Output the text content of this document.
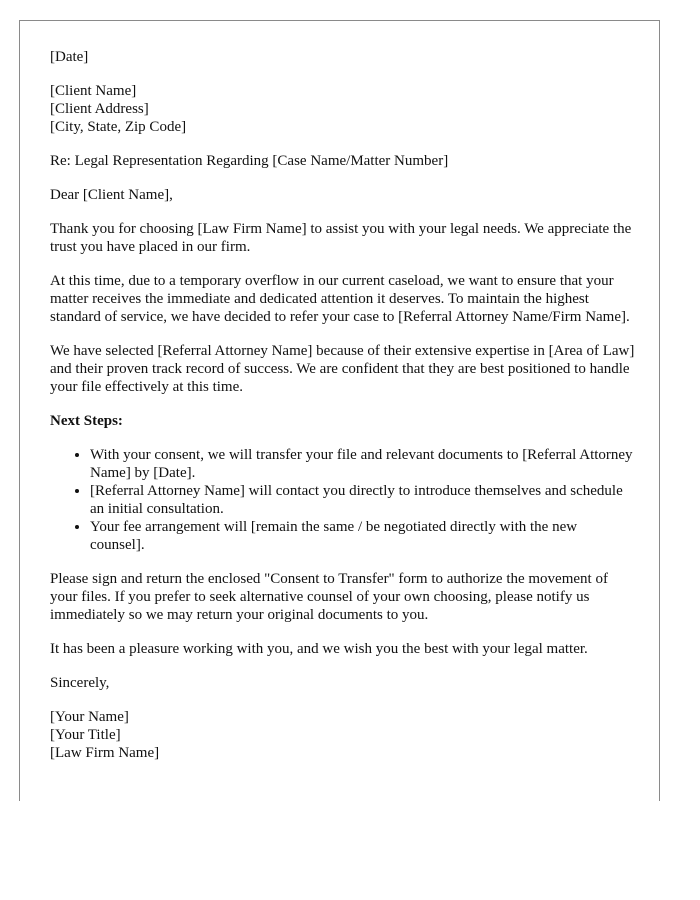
[Date]

[Client Name]
[Client Address]
[City, State, Zip Code]

Re: Legal Representation Regarding [Case Name/Matter Number]

Dear [Client Name],

Thank you for choosing [Law Firm Name] to assist you with your legal needs. We appreciate the trust you have placed in our firm.

At this time, due to a temporary overflow in our current caseload, we want to ensure that your matter receives the immediate and dedicated attention it deserves. To maintain the highest standard of service, we have decided to refer your case to [Referral Attorney Name/Firm Name].

We have selected [Referral Attorney Name] because of their extensive expertise in [Area of Law] and their proven track record of success. We are confident that they are best positioned to handle your file effectively at this time.

Next Steps:
• With your consent, we will transfer your file and relevant documents to [Referral Attorney Name] by [Date].
• [Referral Attorney Name] will contact you directly to introduce themselves and schedule an initial consultation.
• Your fee arrangement will [remain the same / be negotiated directly with the new counsel].

Please sign and return the enclosed "Consent to Transfer" form to authorize the movement of your files. If you prefer to seek alternative counsel of your own choosing, please notify us immediately so we may return your original documents to you.

It has been a pleasure working with you, and we wish you the best with your legal matter.

Sincerely,

[Your Name]
[Your Title]
[Law Firm Name]
